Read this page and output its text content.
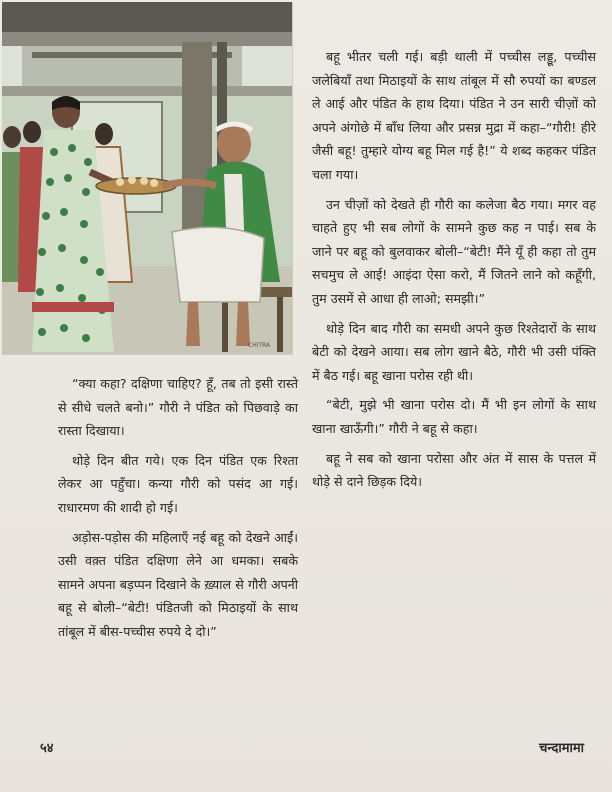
CHITRA

“क्या कहा? दक्षिणा चाहिए? हूँ, तब तो इसी रास्ते से सीधे चलते बनो।” गौरी ने पंडित को पिछवाड़े का रास्ता दिखाया।

थोड़े दिन बीत गये। एक दिन पंडित एक रिश्ता लेकर आ पहुँचा। कन्या गौरी को पसंद आ गई। राधारमण की शादी हो गई।

अड़ोस-पड़ोस की महिलाएँ नई बहू को देखने आईं। उसी वक़्त पंडित दक्षिणा लेने आ धमका। सबके सामने अपना बड़प्पन दिखाने के ख़्याल से गौरी अपनी बहू से बोली–“बेटी! पंडितजी को मिठाइयों के साथ तांबूल में बीस-पच्चीस रुपये दे दो।”

बहू भीतर चली गई। बड़ी थाली में पच्चीस लड्डू, पच्चीस जलेबियाँ तथा मिठाइयों के साथ तांबूल में सौ रुपयों का बण्डल ले आई और पंडित के हाथ दिया। पंडित ने उन सारी चीज़ों को अपने अंगोछे में बाँध लिया और प्रसन्न मुद्रा में कहा–“गौरी! हीरे जैसी बहू! तुम्हारे योग्य बहू मिल गई है!” ये शब्द कहकर पंडित चला गया।

उन चीज़ों को देखते ही गौरी का कलेजा बैठ गया। मगर वह चाहते हुए भी सब लोगों के सामने कुछ कह न पाई। सब के जाने पर बहू को बुलवाकर बोली–“बेटी! मैंने यूँ ही कहा तो तुम सचमुच ले आई! आइंदा ऐसा करो, मैं जितने लाने को कहूँगी, तुम उसमें से आधा ही लाओ; समझी।”

थोड़े दिन बाद गौरी का समधी अपने कुछ रिश्तेदारों के साथ बेटी को देखने आया। सब लोग खाने बैठे, गौरी भी उसी पंक्ति में बैठ गई। बहू खाना परोस रही थी।

“बेटी, मुझे भी खाना परोस दो। मैं भी इन लोगों के साथ खाना खाऊँगी।” गौरी ने बहू से कहा।

बहू ने सब को खाना परोसा और अंत में सास के पत्तल में थोड़े से दाने छिड़क दिये।

५४	चन्दामामा
